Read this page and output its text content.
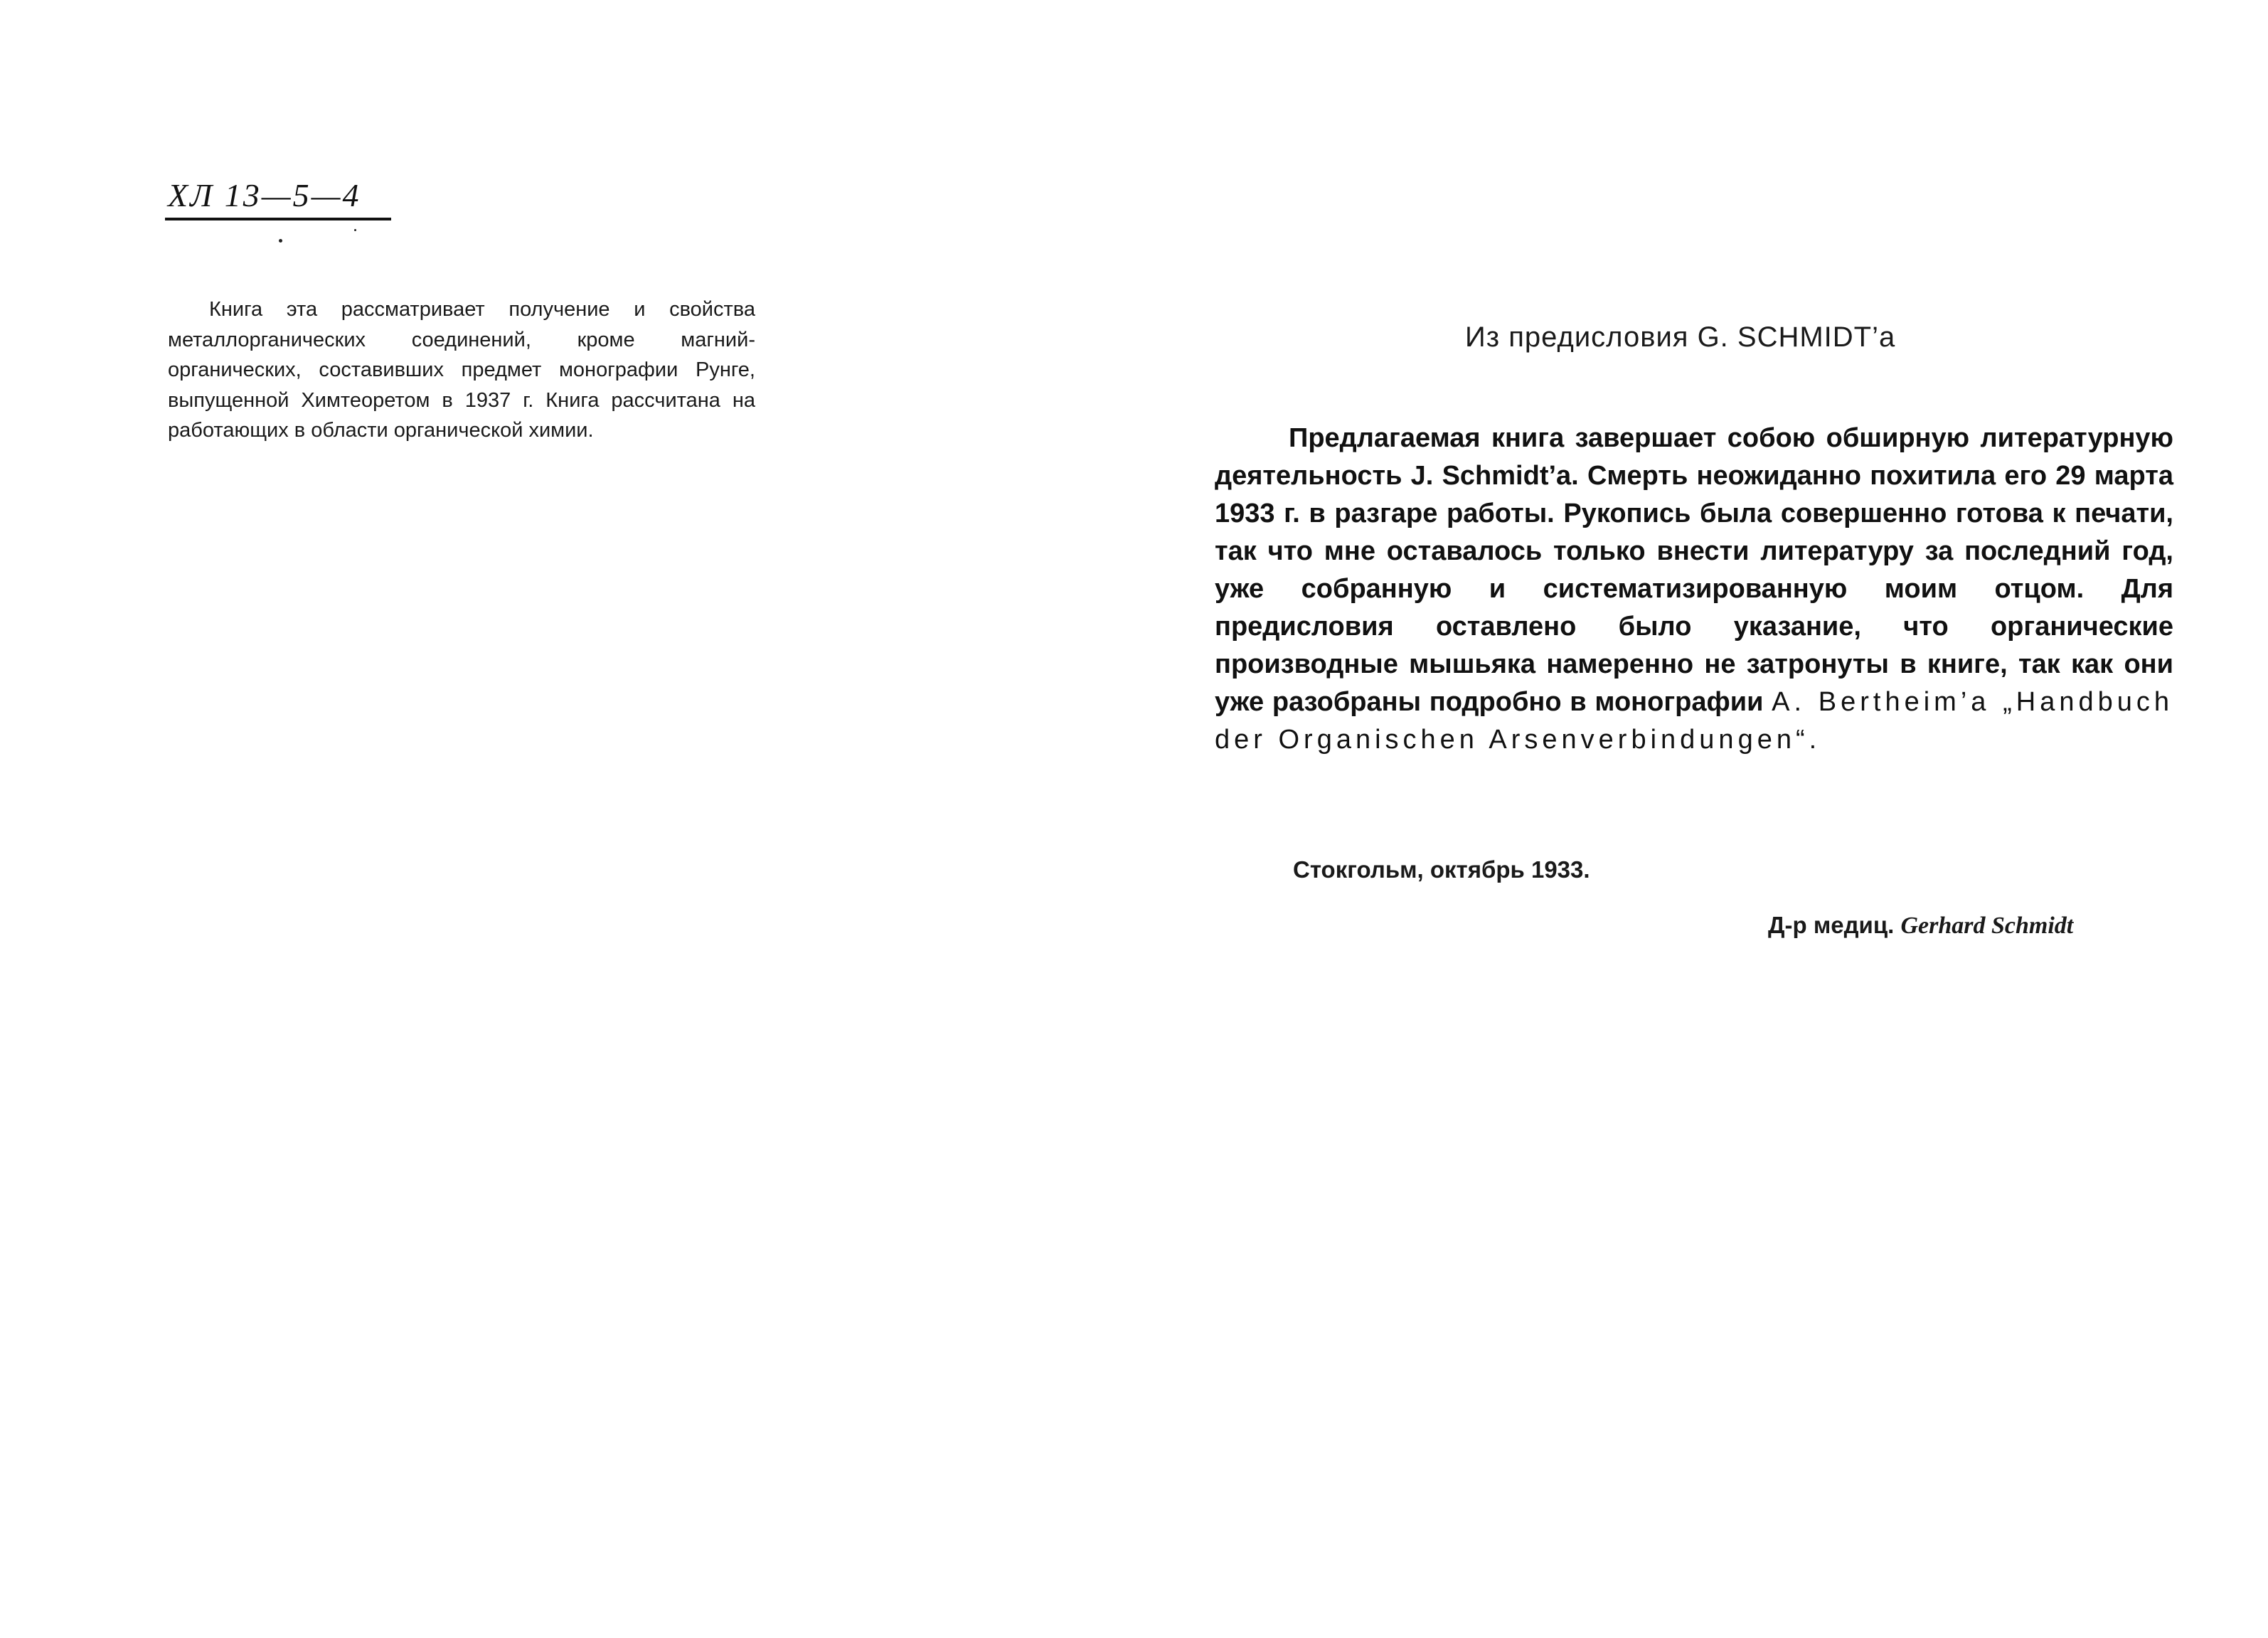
ХЛ 13—5—4

Книга эта рассматривает получение и свойства металлорганических соединений, кроме магний-органических, составивших предмет монографии Рунге, выпущенной Химтеоретом в 1937 г. Книга рассчитана на работающих в области органической химии.

Из предисловия G. SCHMIDT’a

Предлагаемая книга завершает собою обширную литературную деятельность J. Schmidt’a. Смерть неожиданно похитила его 29 марта 1933 г. в разгаре работы. Рукопись была совершенно готова к печати, так что мне оставалось только внести литературу за последний год, уже собранную и систематизированную моим отцом. Для предисловия оставлено было указание, что органические производные мышьяка намеренно не затронуты в книге, так как они уже разобраны подробно в монографии A. Bertheim’a „Handbuch der Organischen Arsenverbindungen“.

Стокгольм, октябрь 1933.

Д-р медиц. Gerhard Schmidt
